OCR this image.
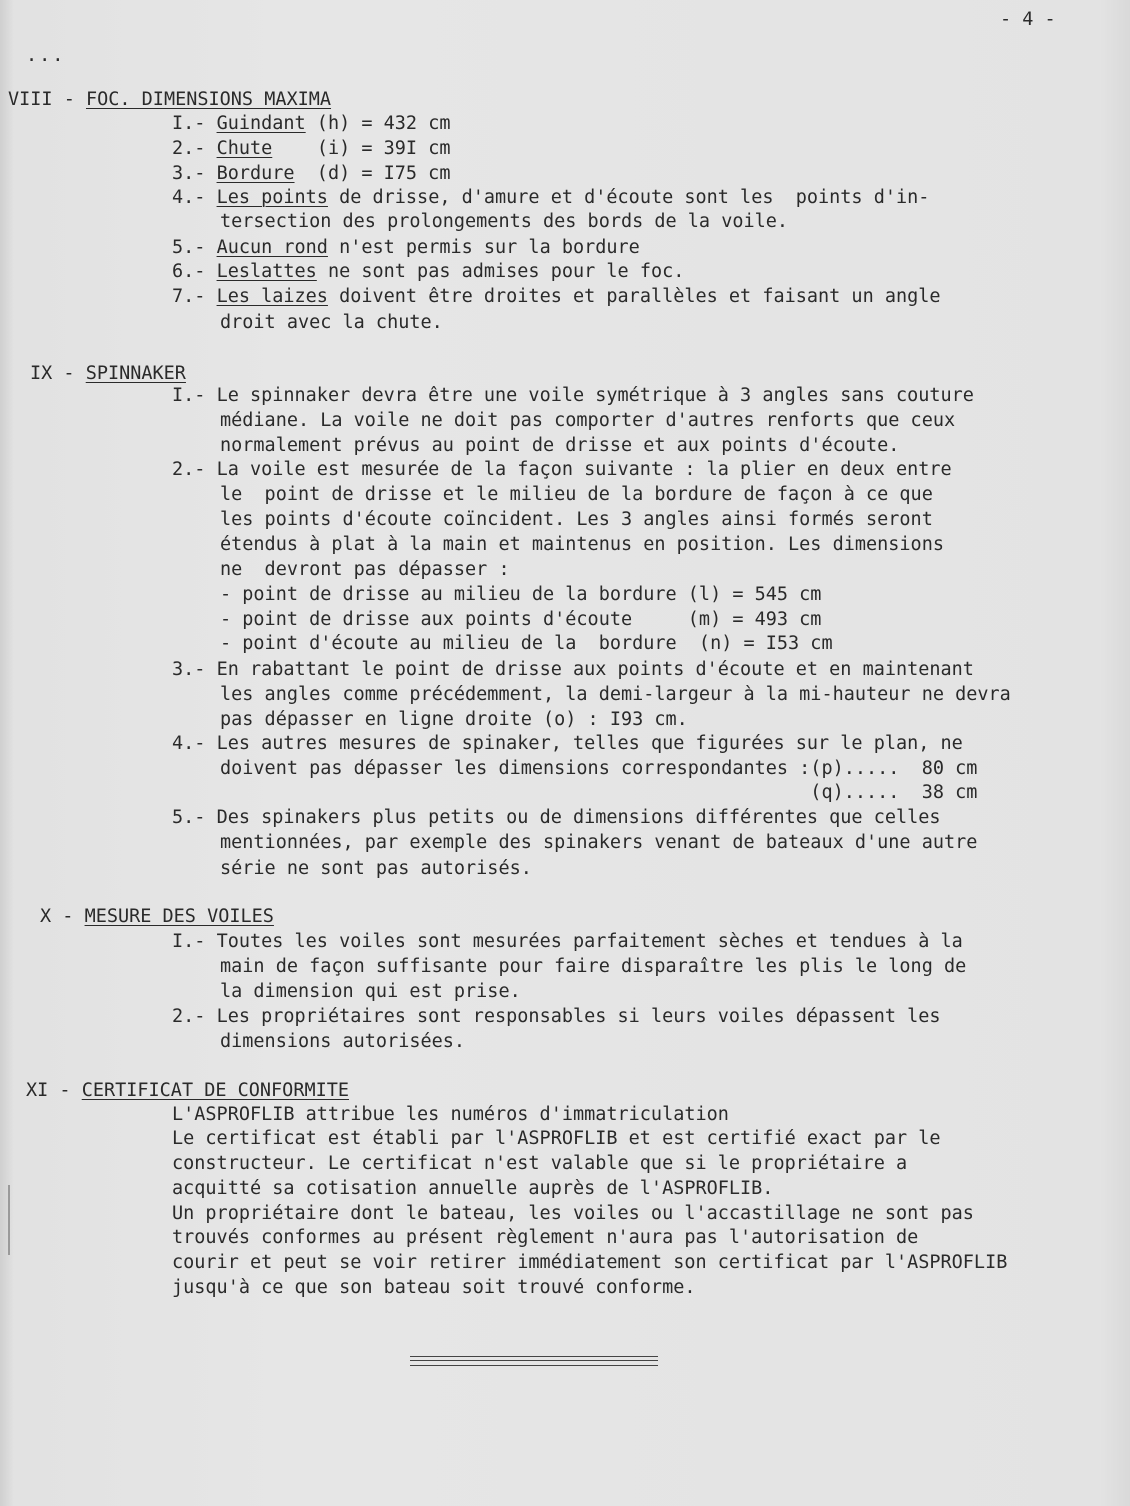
- 4 -
...
VIII - FOC. DIMENSIONS MAXIMA
I.- Guindant (h) = 432 cm
2.- Chute    (i) = 39I cm
3.- Bordure  (d) = I75 cm
4.- Les points de drisse, d'amure et d'écoute sont les  points d'in-
tersection des prolongements des bords de la voile.
5.- Aucun rond n'est permis sur la bordure
6.- Leslattes ne sont pas admises pour le foc.
7.- Les laizes doivent être droites et parallèles et faisant un angle
droit avec la chute.
IX - SPINNAKER
I.- Le spinnaker devra être une voile symétrique à 3 angles sans couture
médiane. La voile ne doit pas comporter d'autres renforts que ceux
normalement prévus au point de drisse et aux points d'écoute.
2.- La voile est mesurée de la façon suivante : la plier en deux entre
le  point de drisse et le milieu de la bordure de façon à ce que
les points d'écoute coïncident. Les 3 angles ainsi formés seront
étendus à plat à la main et maintenus en position. Les dimensions
ne  devront pas dépasser :
- point de drisse au milieu de la bordure (l) = 545 cm
- point de drisse aux points d'écoute     (m) = 493 cm
- point d'écoute au milieu de la  bordure  (n) = I53 cm
3.- En rabattant le point de drisse aux points d'écoute et en maintenant
les angles comme précédemment, la demi-largeur à la mi-hauteur ne devra
pas dépasser en ligne droite (o) : I93 cm.
4.- Les autres mesures de spinaker, telles que figurées sur le plan, ne
doivent pas dépasser les dimensions correspondantes :(p).....  80 cm
(q).....  38 cm
5.- Des spinakers plus petits ou de dimensions différentes que celles
mentionnées, par exemple des spinakers venant de bateaux d'une autre
série ne sont pas autorisés.
X - MESURE DES VOILES
I.- Toutes les voiles sont mesurées parfaitement sèches et tendues à la
main de façon suffisante pour faire disparaître les plis le long de
la dimension qui est prise.
2.- Les propriétaires sont responsables si leurs voiles dépassent les
dimensions autorisées.
XI - CERTIFICAT DE CONFORMITE
L'ASPROFLIB attribue les numéros d'immatriculation
Le certificat est établi par l'ASPROFLIB et est certifié exact par le
constructeur. Le certificat n'est valable que si le propriétaire a
acquitté sa cotisation annuelle auprès de l'ASPROFLIB.
Un propriétaire dont le bateau, les voiles ou l'accastillage ne sont pas
trouvés conformes au présent règlement n'aura pas l'autorisation de
courir et peut se voir retirer immédiatement son certificat par l'ASPROFLIB
jusqu'à ce que son bateau soit trouvé conforme.
